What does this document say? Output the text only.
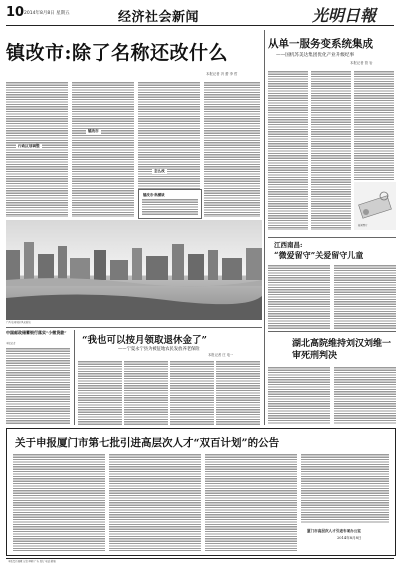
10 2014年8月8日 星期五	经济社会新闻	光明日報
镇改市:除了名称还改什么
本报记者 冯 蕾 李 哲
行政区划调整
镇改市
怎么改
镇改市·纵横谈
从单一服务变系统集成
——国机苏美达集团优化产业升级纪事
本报记者 管 岩
新闻图片
广西·钦州城市风光新貌
中国邮政储蓄银行落实“小微贷款”
本报记者	“我也可以按月领取退休金了”
——宁夏永宁县为被征地农民发放养老保险
本报记者 庄 电一
江西南昌:
“微爱留守”关爱留守儿童
湖北高院维持刘汉刘维一审死刑判决
关于申报厦门市第七批引进高层次人才“双百计划”的公告
厦门市高层次人才引进专项办公室
2014年8月8日
本版责任编辑 记者 印刷 广告 发行 电话 邮编
